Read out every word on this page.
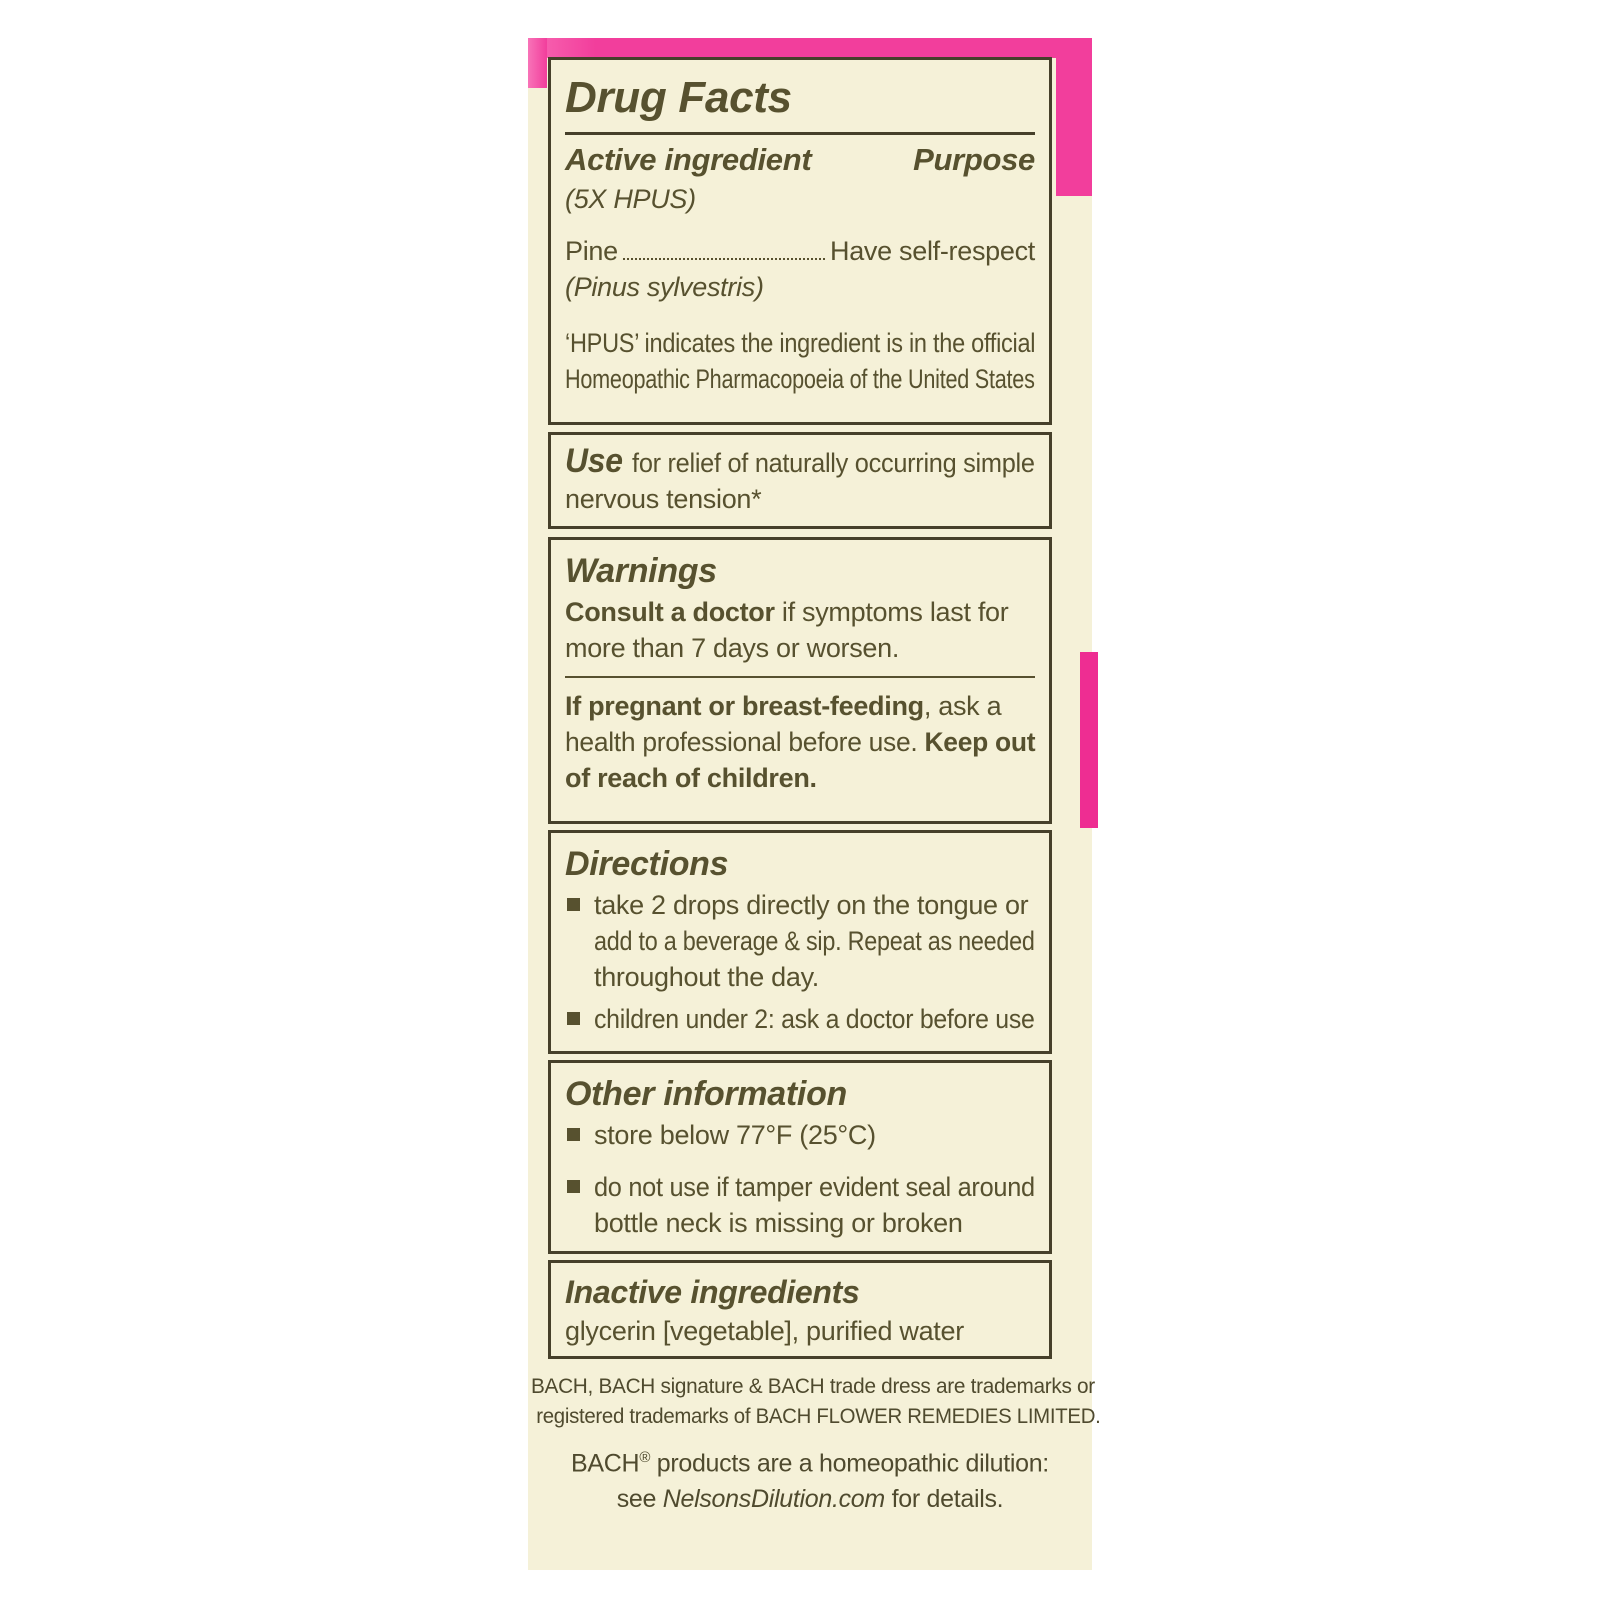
Drug Facts
Active ingredient	Purpose
(5X HPUS)
Pine	Have self-respect
(Pinus sylvestris)
‘HPUS’ indicates the ingredient is in the official
Homeopathic Pharmacopoeia of the United States
Use for relief of naturally occurring simple
nervous tension*
Warnings
Consult a doctor if symptoms last for
more than 7 days or worsen.
If pregnant or breast-feeding, ask a
health professional before use. Keep out
of reach of children.
Directions
take 2 drops directly on the tongue or
add to a beverage & sip. Repeat as needed
throughout the day.
children under 2: ask a doctor before use
Other information
store below 77°F (25°C)
do not use if tamper evident seal around
bottle neck is missing or broken
Inactive ingredients
glycerin [vegetable], purified water
BACH, BACH signature & BACH trade dress are trademarks or
registered trademarks of BACH FLOWER REMEDIES LIMITED.
BACH® products are a homeopathic dilution:
see NelsonsDilution.com for details.
